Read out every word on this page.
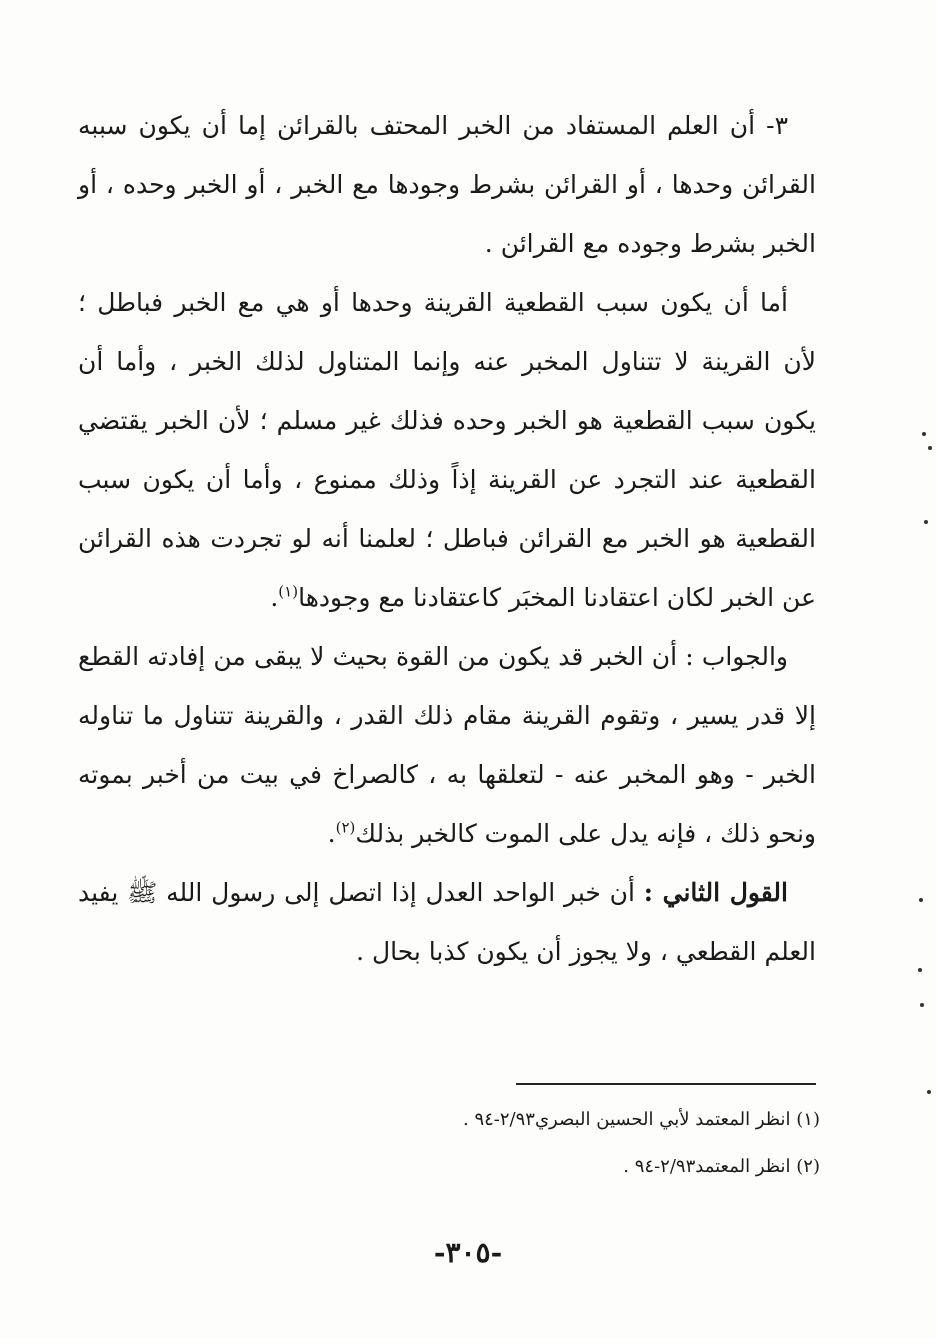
٣- أن العلم المستفاد من الخبر المحتف بالقرائن إما أن يكون سببه القرائن وحدها ، أو القرائن بشرط وجودها مع الخبر ، أو الخبر وحده ، أو الخبر بشرط وجوده مع القرائن .

أما أن يكون سبب القطعية القرينة وحدها أو هي مع الخبر فباطل ؛ لأن القرينة لا تتناول المخبر عنه وإنما المتناول لذلك الخبر ، وأما أن يكون سبب القطعية هو الخبر وحده فذلك غير مسلم ؛ لأن الخبر يقتضي القطعية عند التجرد عن القرينة إذاً وذلك ممنوع ، وأما أن يكون سبب القطعية هو الخبر مع القرائن فباطل ؛ لعلمنا أنه لو تجردت هذه القرائن عن الخبر لكان اعتقادنا المخبَر كاعتقادنا مع وجودها$^{(١)}$.

والجواب : أن الخبر قد يكون من القوة بحيث لا يبقى من إفادته القطع إلا قدر يسير ، وتقوم القرينة مقام ذلك القدر ، والقرينة تتناول ما تناوله الخبر - وهو المخبر عنه - لتعلقها به ، كالصراخ في بيت من أخبر بموته ونحو ذلك ، فإنه يدل على الموت كالخبر بذلك$^{(٢)}$.

القول الثاني : أن خبر الواحد العدل إذا اتصل إلى رسول الله ﷺ يفيد العلم القطعي ، ولا يجوز أن يكون كذبا بحال .

(١) انظر المعتمد لأبي الحسين البصري٢/٩٣-٩٤ .

(٢) انظر المعتمد٢/٩٣-٩٤ .

-٣٠٥-
